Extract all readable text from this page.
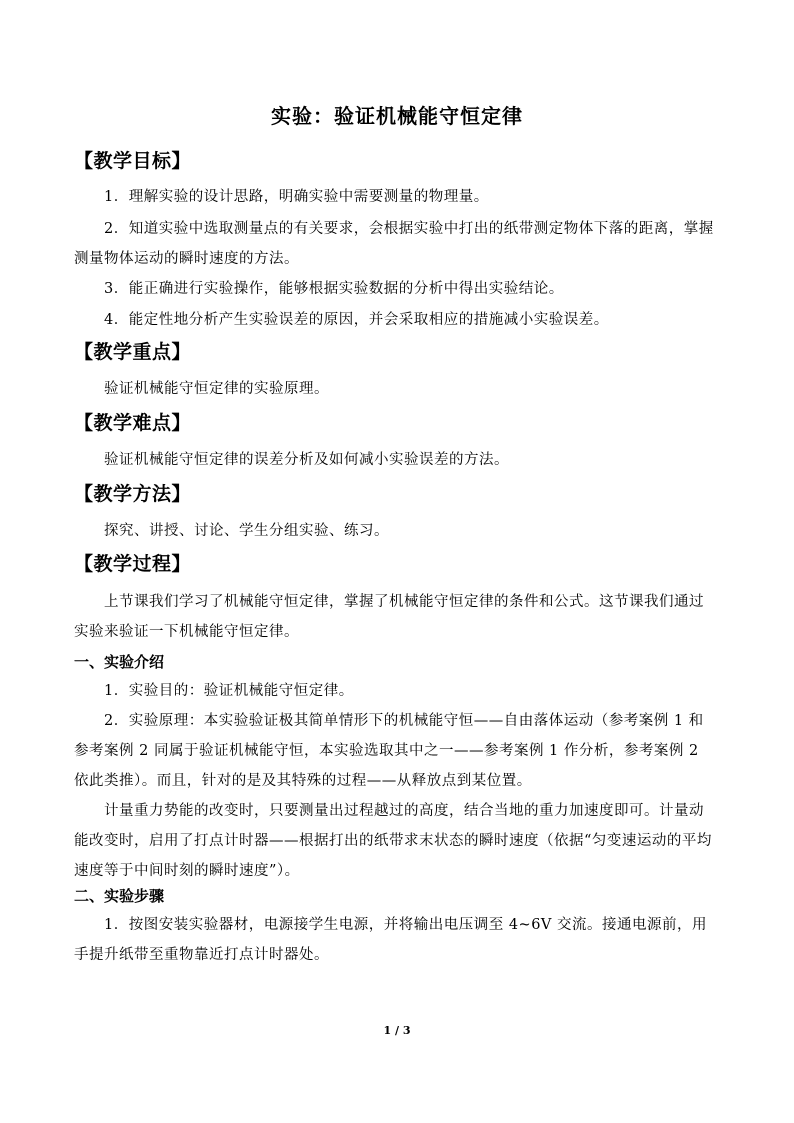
实验：验证机械能守恒定律
【教学目标】
1．理解实验的设计思路，明确实验中需要测量的物理量。
2．知道实验中选取测量点的有关要求，会根据实验中打出的纸带测定物体下落的距离，掌握测量物体运动的瞬时速度的方法。
3．能正确进行实验操作，能够根据实验数据的分析中得出实验结论。
4．能定性地分析产生实验误差的原因，并会采取相应的措施减小实验误差。
【教学重点】
验证机械能守恒定律的实验原理。
【教学难点】
验证机械能守恒定律的误差分析及如何减小实验误差的方法。
【教学方法】
探究、讲授、讨论、学生分组实验、练习。
【教学过程】
上节课我们学习了机械能守恒定律，掌握了机械能守恒定律的条件和公式。这节课我们通过实验来验证一下机械能守恒定律。
一、实验介绍
1．实验目的：验证机械能守恒定律。
2．实验原理：本实验验证极其简单情形下的机械能守恒——自由落体运动（参考案例 1 和参考案例 2 同属于验证机械能守恒，本实验选取其中之一——参考案例 1 作分析，参考案例 2 依此类推）。而且，针对的是及其特殊的过程——从释放点到某位置。
计量重力势能的改变时，只要测量出过程越过的高度，结合当地的重力加速度即可。计量动能改变时，启用了打点计时器——根据打出的纸带求末状态的瞬时速度（依据“匀变速运动的平均速度等于中间时刻的瞬时速度”）。
二、实验步骤
1．按图安装实验器材，电源接学生电源，并将输出电压调至 4~6V 交流。接通电源前，用手提升纸带至重物靠近打点计时器处。
1 / 3
